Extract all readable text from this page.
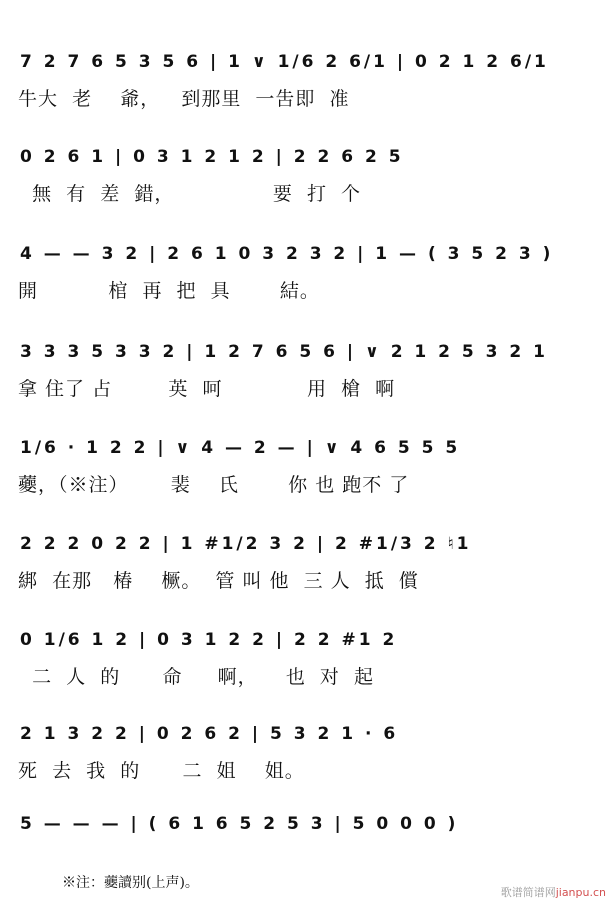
7 2 7 6 5 3 5 6 | 1 ∨ 1/6 2 6/1 | 0 2 1 2 6/1
牛大  老    爺，   到那里  一吿即  准
0 2 6 1 | 0 3 1 2 1 2 | 2 2 6 2 5
無  有  差  錯，              要  打  个
4 — — 3 2 | 2 6 1 0 3 2 3 2 | 1 — ( 3 5 2 3 )
開          棺  再  把  具       結。
3 3 3 5 3 3 2 | 1 2 7 6 5 6 | ∨ 2 1 2 5 3 2 1
拿 住了 占        英  呵            用  槍  啊
1/6 · 1 2 2 | ∨ 4 — 2 — | ∨ 4 6 5 5 5
虁，（※注）      裴    氏       你 也 跑不 了
2 2 2 0 2 2 | 1 #1/2 3 2 | 2 #1/3 2 ♮1
綁  在那   椿    橛。  管 叫 他  三 人  抵  償
0 1/6 1 2 | 0 3 1 2 2 | 2 2 #1 2
二  人  的      命     啊，    也  对  起
2 1 3 2 2 | 0 2 6 2 | 5 3 2 1 · 6
死  去  我  的      二  姐    姐。
5 — — — | ( 6 1 6 5 2 5 3 | 5 0 0 0 )
※注：虁讀别(上声)。
歌谱简谱网jianpu.cn
